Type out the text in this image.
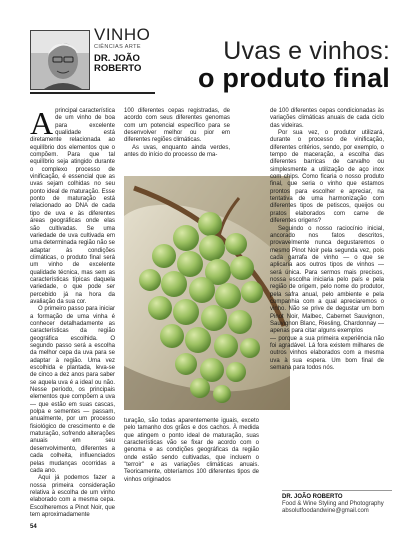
VINHO
CIÊNCIAS ARTE
DR. JOÃO
ROBERTO
Uvas e vinhos:
o produto final

Aprincipal característica de um vinho de boa para excelente qualidade está diretamente relacionada ao equilíbrio dos elementos que o compõem. Para que tal equilíbrio seja atingido durante o complexo processo de vinificação, é essencial que as uvas sejam colhidas no seu ponto ideal de maturação. Esse ponto de maturação está relacionado ao DNA de cada tipo de uva e às diferentes áreas geográficas onde elas são cultivadas. Se uma variedade de uva cultivada em uma determinada região não se adaptar às condições climáticas, o produto final será um vinho de excelente qualidade técnica, mas sem as características típicas daquela variedade, o que pode ser percebido já na hora da avaliação da sua cor.

O primeiro passo para iniciar a formação de uma vinha é conhecer detalhadamente as características da região geográfica escolhida. O segundo passo será a escolha da melhor cepa da uva para se adaptar à região. Uma vez escolhida e plantada, leva-se de cinco a dez anos para saber se aquela uva é a ideal ou não. Nesse período, os principais elementos que compõem a uva — que estão em suas cascas, polpa e sementes — passam, anualmente, por um processo fisiológico de crescimento e de maturação, sofrendo alterações anuais em seu desenvolvimento, diferentes a cada colheita, influenciados pelas mudanças ocorridas a cada ano.

Aqui já podemos fazer a nossa primeira consideração relativa à escolha de um vinho elaborado com a mesma cepa. Escolheremos a Pinot Noir, que tem aproximadamente

100 diferentes cepas registradas, de acordo com seus diferentes genomas com um potencial específico para se desenvolver melhor ou pior em diferentes regiões climáticas.

As uvas, enquanto ainda verdes, antes do início do processo de ma-

turação, são todas aparentemente iguais, exceto pelo tamanho dos grãos e dos cachos. À medida que atingem o ponto ideal de maturação, suas características vão se fixar de acordo com o genoma e as condições geográficas da região onde estão sendo cultivadas, que incluem o "terroir" e as variações climáticas anuais. Teoricamente, obteríamos 100 diferentes tipos de vinhos originados

de 100 diferentes cepas condicionadas às variações climáticas anuais de cada ciclo das videiras.

Por sua vez, o produtor utilizará, durante o processo de vinificação, diferentes critérios, sendo, por exemplo, o tempo de maceração, a escolha das diferentes barricas de carvalho ou simplesmente a utilização de aço inox com chips. Como ficaria o nosso produto final, que seria o vinho que estamos prontos para escolher e apreciar, na tentativa de uma harmonização com diferentes tipos de petiscos, queijos ou pratos elaborados com carne de diferentes origens?

Seguindo o nosso raciocínio inicial, ancorado nos fatos descritos, provavelmente nunca degustaremos o mesmo Pinot Noir pela segunda vez, pois cada garrafa de vinho — o que se aplicaria aos outros tipos de vinhos — será única. Para sermos mais precisos, nossa escolha iniciaria pelo país e pela região de origem, pelo nome do produtor, pela safra anual, pelo ambiente e pela companhia com a qual apreciaremos o vinho. Não se prive de degustar um bom Pinot Noir, Malbec, Cabernet Sauvignon, Sauvignon Blanc, Riesling, Chardonnay — apenas para citar alguns exemplos

— porque a sua primeira experiência não foi agradável. Lá fora existem milhares de outros vinhos elaborados com a mesma uva à sua espera. Um bom final de semana para todos nós.

DR. JOÃO ROBERTO
Food & Wine Styling and Photography
absolutfoodandwine@gmail.com
54
